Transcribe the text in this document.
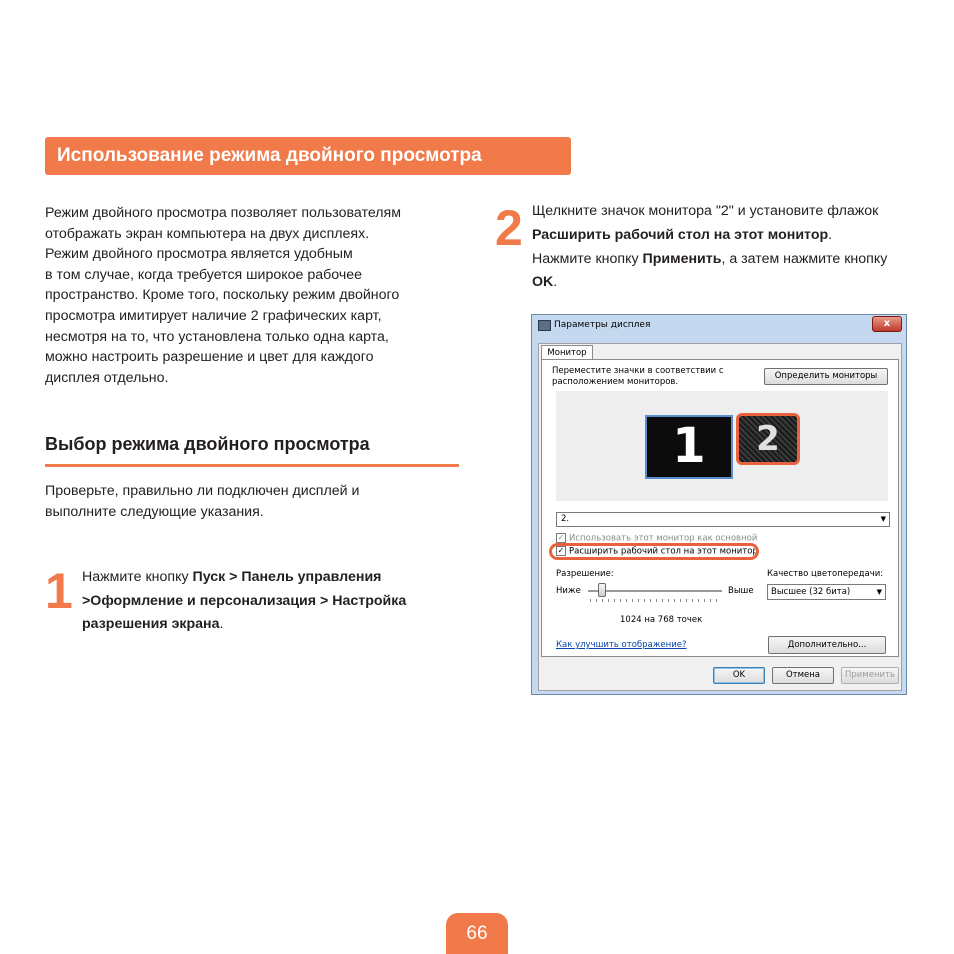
Использование режима двойного просмотра
Режим двойного просмотра позволяет пользователям
отображать экран компьютера на двух дисплеях.
Режим двойного просмотра является удобным
в том случае, когда требуется широкое рабочее
пространство. Кроме того, поскольку режим двойного
просмотра имитирует наличие 2 графических карт,
несмотря на то, что установлена только одна карта,
можно настроить разрешение и цвет для каждого
дисплея отдельно.
Выбор режима двойного просмотра
Проверьте, правильно ли подключен дисплей и
выполните следующие указания.
1 Нажмите кнопку Пуск > Панель управления >Оформление и персонализация > Настройка разрешения экрана.
2 Щелкните значок монитора "2" и установите флажок Расширить рабочий стол на этот монитор. Нажмите кнопку Применить, а затем нажмите кнопку OK.
Параметры дисплея	x
Монитор
Переместите значки в соответствии с расположением мониторов.
Определить мониторы
1	2
2.	▼
✓ Использовать этот монитор как основной
✓ Расширить рабочий стол на этот монитор
Разрешение:	Качество цветопередачи:
Ниже	Выше
1024 на 768 точек
Высшее (32 бита)	▼
Как улучшить отображение?	Дополнительно...
OK	Отмена	Применить
66
